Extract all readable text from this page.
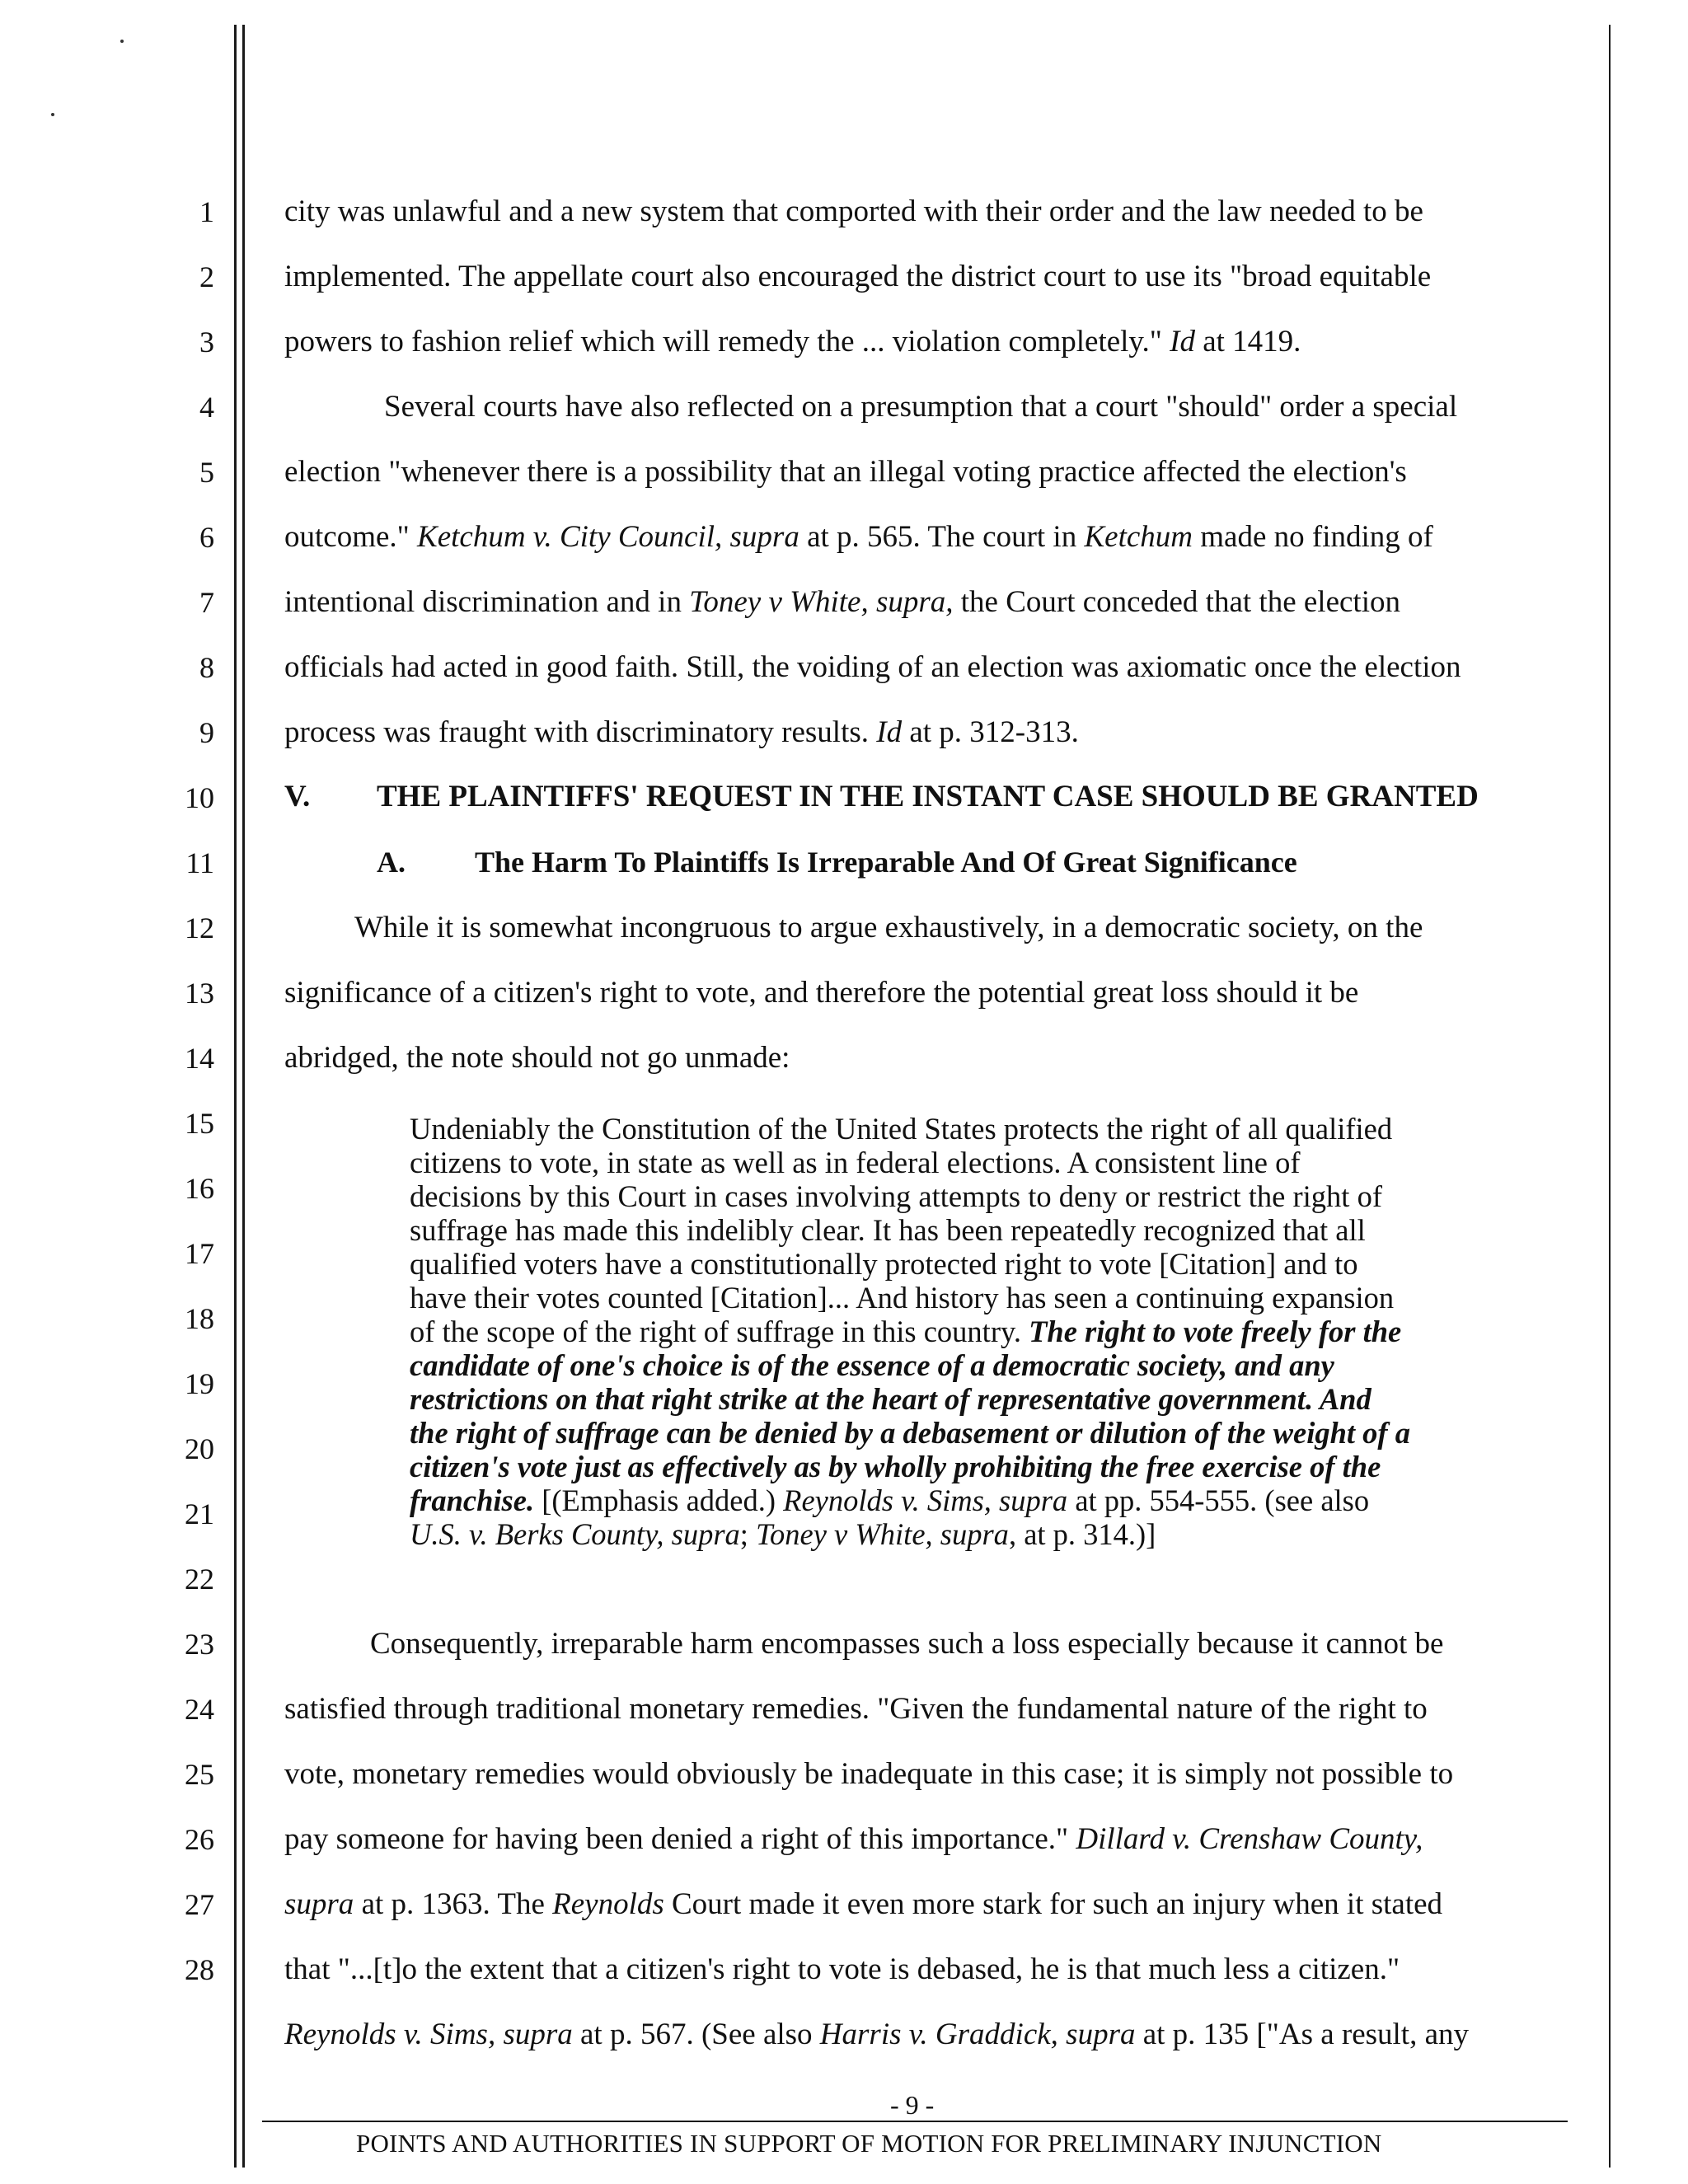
1
2
3
4
5
6
7
8
9
10
11
12
13
14
15
16
17
18
19
20
21
22
23
24
25
26
27
28
city was unlawful and a new system that comported with their order and the law needed to be
implemented. The appellate court also encouraged the district court to use its "broad equitable
powers to fashion relief which will remedy the ... violation completely." Id at 1419.
Several courts have also reflected on a presumption that a court "should" order a special
election "whenever there is a possibility that an illegal voting practice affected the election's
outcome." Ketchum v. City Council, supra at p. 565. The court in Ketchum made no finding of
intentional discrimination and in Toney v White, supra, the Court conceded that the election
officials had acted in good faith. Still, the voiding of an election was axiomatic once the election
process was fraught with discriminatory results. Id at p. 312-313.
V. THE PLAINTIFFS' REQUEST IN THE INSTANT CASE SHOULD BE GRANTED
A. The Harm To Plaintiffs Is Irreparable And Of Great Significance
While it is somewhat incongruous to argue exhaustively, in a democratic society, on the
significance of a citizen's right to vote, and therefore the potential great loss should it be
abridged, the note should not go unmade:
Undeniably the Constitution of the United States protects the right of all qualified
citizens to vote, in state as well as in federal elections. A consistent line of
decisions by this Court in cases involving attempts to deny or restrict the right of
suffrage has made this indelibly clear. It has been repeatedly recognized that all
qualified voters have a constitutionally protected right to vote [Citation] and to
have their votes counted [Citation]... And history has seen a continuing expansion
of the scope of the right of suffrage in this country. The right to vote freely for the
candidate of one's choice is of the essence of a democratic society, and any
restrictions on that right strike at the heart of representative government. And
the right of suffrage can be denied by a debasement or dilution of the weight of a
citizen's vote just as effectively as by wholly prohibiting the free exercise of the
franchise. [(Emphasis added.) Reynolds v. Sims, supra at pp. 554-555. (see also
U.S. v. Berks County, supra; Toney v White, supra, at p. 314.)]
Consequently, irreparable harm encompasses such a loss especially because it cannot be
satisfied through traditional monetary remedies. "Given the fundamental nature of the right to
vote, monetary remedies would obviously be inadequate in this case; it is simply not possible to
pay someone for having been denied a right of this importance." Dillard v. Crenshaw County,
supra at p. 1363. The Reynolds Court made it even more stark for such an injury when it stated
that "...[t]o the extent that a citizen's right to vote is debased, he is that much less a citizen."
Reynolds v. Sims, supra at p. 567. (See also Harris v. Graddick, supra at p. 135 ["As a result, any
- 9 -
POINTS AND AUTHORITIES IN SUPPORT OF MOTION FOR PRELIMINARY INJUNCTION
